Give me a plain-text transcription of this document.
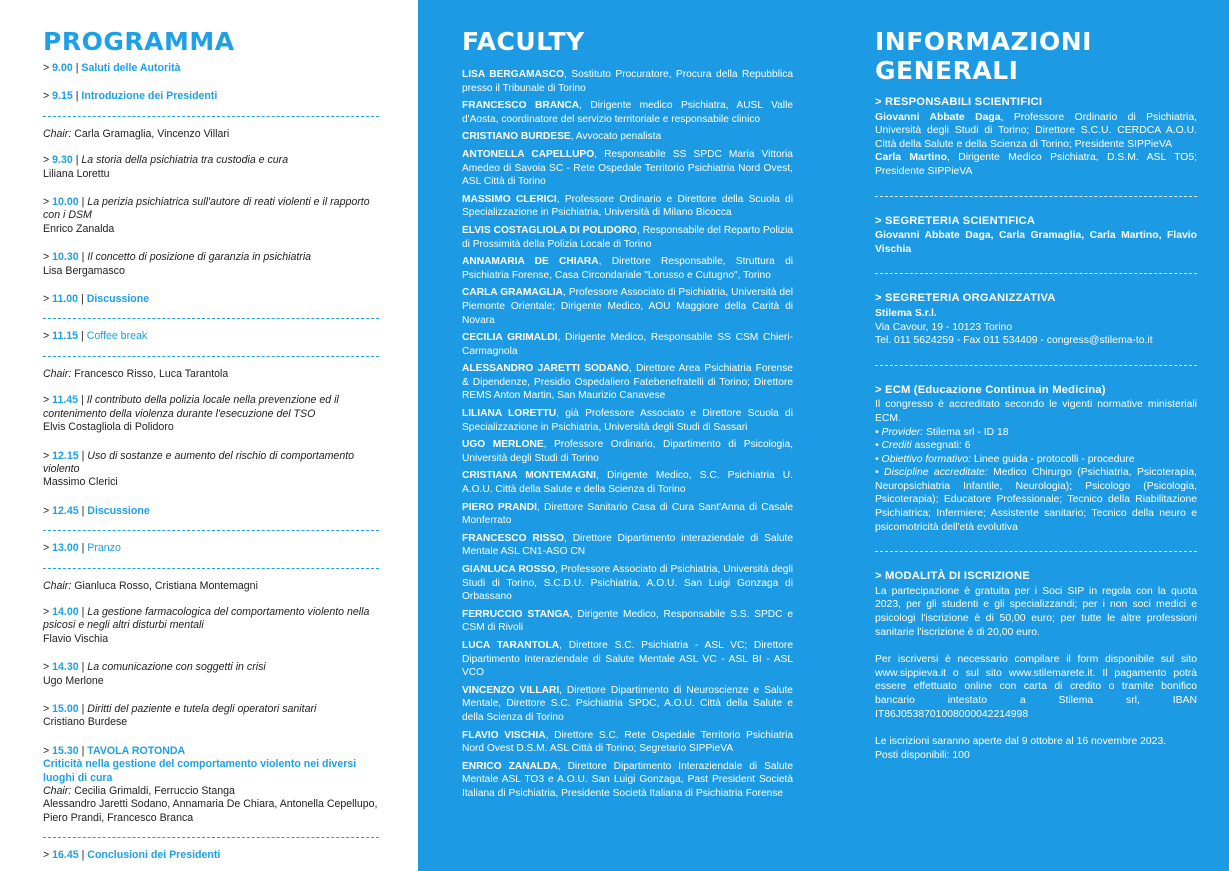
PROGRAMMA
> 9.00 | Saluti delle Autorità
> 9.15 | Introduzione dei Presidenti
Chair: Carla Gramaglia, Vincenzo Villari
> 9.30 | La storia della psichiatria tra custodia e cura
Liliana Lorettu
> 10.00 | La perizia psichiatrica sull'autore di reati violenti e il rapporto con i DSM
Enrico Zanalda
> 10.30 | Il concetto di posizione di garanzia in psichiatria
Lisa Bergamasco
> 11.00 | Discussione
> 11.15 | Coffee break
Chair: Francesco Risso, Luca Tarantola
> 11.45 | Il contributo della polizia locale nella prevenzione ed il contenimento della violenza durante l'esecuzione del TSO
Elvis Costagliola di Polidoro
> 12.15 | Uso di sostanze e aumento del rischio di comportamento violento
Massimo Clerici
> 12.45 | Discussione
> 13.00 | Pranzo
Chair: Gianluca Rosso, Cristiana Montemagni
> 14.00 | La gestione farmacologica del comportamento violento nella psicosi e negli altri disturbi mentali
Flavio Vischia
> 14.30 | La comunicazione con soggetti in crisi
Ugo Merlone
> 15.00 | Diritti del paziente e tutela degli operatori sanitari
Cristiano Burdese
> 15.30 | TAVOLA ROTONDA
Criticità nella gestione del comportamento violento nei diversi luoghi di cura
Chair: Cecilia Grimaldi, Ferruccio Stanga
Alessandro Jaretti Sodano, Annamaria De Chiara, Antonella Cepellupo, Piero Prandi, Francesco Branca
> 16.45 | Conclusioni dei Presidenti
FACULTY	INFORMAZIONI GENERALI
LISA BERGAMASCO, Sostituto Procuratore, Procura della Repubblica presso il Tribunale di Torino
FRANCESCO BRANCA, Dirigente medico Psichiatra, AUSL Valle d'Aosta, coordinatore del servizio territoriale e responsabile clinico
CRISTIANO BURDESE, Avvocato penalista
ANTONELLA CAPELLUPO, Responsabile SS SPDC Maria Vittoria Amedeo di Savoia SC - Rete Ospedale Territorio Psichiatria Nord Ovest, ASL Città di Torino
MASSIMO CLERICI, Professore Ordinario e Direttore della Scuola di Specializzazione in Psichiatria, Università di Milano Bicocca
ELVIS COSTAGLIOLA DI POLIDORO, Responsabile del Reparto Polizia di Prossimità della Polizia Locale di Torino
ANNAMARIA DE CHIARA, Direttore Responsabile, Struttura di Psichiatria Forense, Casa Circondariale "Lorusso e Cutugno", Torino
CARLA GRAMAGLIA, Professore Associato di Psichiatria, Università del Piemonte Orientale; Dirigente Medico, AOU Maggiore della Carità di Novara
CECILIA GRIMALDI, Dirigente Medico, Responsabile SS CSM Chieri-Carmagnola
ALESSANDRO JARETTI SODANO, Direttore Area Psichiatria Forense & Dipendenze, Presidio Ospedaliero Fatebenefratelli di Torino; Direttore REMS Anton Martin, San Maurizio Canavese
LILIANA LORETTU, già Professore Associato e Direttore Scuola di Specializzazione in Psichiatria, Università degli Studi di Sassari
UGO MERLONE, Professore Ordinario, Dipartimento di Psicologia, Università degli Studi di Torino
CRISTIANA MONTEMAGNI, Dirigente Medico, S.C. Psichiatria U. A.O.U. Città della Salute e della Scienza di Torino
PIERO PRANDI, Direttore Sanitario Casa di Cura Sant'Anna di Casale Monferrato
FRANCESCO RISSO, Direttore Dipartimento interaziendale di Salute Mentale ASL CN1-ASO CN
GIANLUCA ROSSO, Professore Associato di Psichiatria, Università degli Studi di Torino, S.C.D.U. Psichiatria, A.O.U. San Luigi Gonzaga di Orbassano
FERRUCCIO STANGA, Dirigente Medico, Responsabile S.S. SPDC e CSM di Rivoli
LUCA TARANTOLA, Direttore S.C. Psichiatria - ASL VC; Direttore Dipartimento Interaziendale di Salute Mentale ASL VC - ASL BI - ASL VCO
VINCENZO VILLARI, Direttore Dipartimento di Neuroscienze e Salute Mentale, Direttore S.C. Psichiatria SPDC, A.O.U. Città della Salute e della Scienza di Torino
FLAVIO VISCHIA, Direttore S.C. Rete Ospedale Territorio Psichiatria Nord Ovest D.S.M. ASL Città di Torino; Segretario SIPPieVA
ENRICO ZANALDA, Direttore Dipartimento Interaziendale di Salute Mentale ASL TO3 e A.O.U. San Luigi Gonzaga, Past President Società Italiana di Psichiatria, Presidente Società Italiana di Psichiatria Forense
> RESPONSABILI SCIENTIFICI
Giovanni Abbate Daga, Professore Ordinario di Psichiatria, Università degli Studi di Torino; Direttore S.C.U. CERDCA A.O.U. Città della Salute e della Scienza di Torino; Presidente SIPPieVA
Carla Martino, Dirigente Medico Psichiatra, D.S.M. ASL TO5; Presidente SIPPieVA
> SEGRETERIA SCIENTIFICA
Giovanni Abbate Daga, Carla Gramaglia, Carla Martino, Flavio Vischia
> SEGRETERIA ORGANIZZATIVA
Stilema S.r.l.
Via Cavour, 19 - 10123 Torino
Tel. 011 5624259 - Fax 011 534409 - congress@stilema-to.it
> ECM (Educazione Continua in Medicina)
Il congresso è accreditato secondo le vigenti normative ministeriali ECM.
• Provider: Stilema srl - ID 18
• Crediti assegnati: 6
• Obiettivo formativo: Linee guida - protocolli - procedure
• Discipline accreditate: Medico Chirurgo (Psichiatria, Psicoterapia, Neuropsichiatria Infantile, Neurologia); Psicologo (Psicologia, Psicoterapia); Educatore Professionale; Tecnico della Riabilitazione Psichiatrica; Infermiere; Assistente sanitario; Tecnico della neuro e psicomotricità dell'età evolutiva
> MODALITÀ DI ISCRIZIONE
La partecipazione è gratuita per i Soci SIP in regola con la quota 2023, per gli studenti e gli specializzandi; per i non soci medici e psicologi l'iscrizione è di 50,00 euro; per tutte le altre professioni sanitarie l'iscrizione è di 20,00 euro.
Per iscriversi è necessario compilare il form disponibile sul sito www.sippieva.it o sul sito www.stilemarete.it. Il pagamento potrà essere effettuato online con carta di credito o tramite bonifico bancario intestato a Stilema srl, IBAN IT86J0538701008000042214998
Le iscrizioni saranno aperte dal 9 ottobre al 16 novembre 2023.
Posti disponibili: 100
